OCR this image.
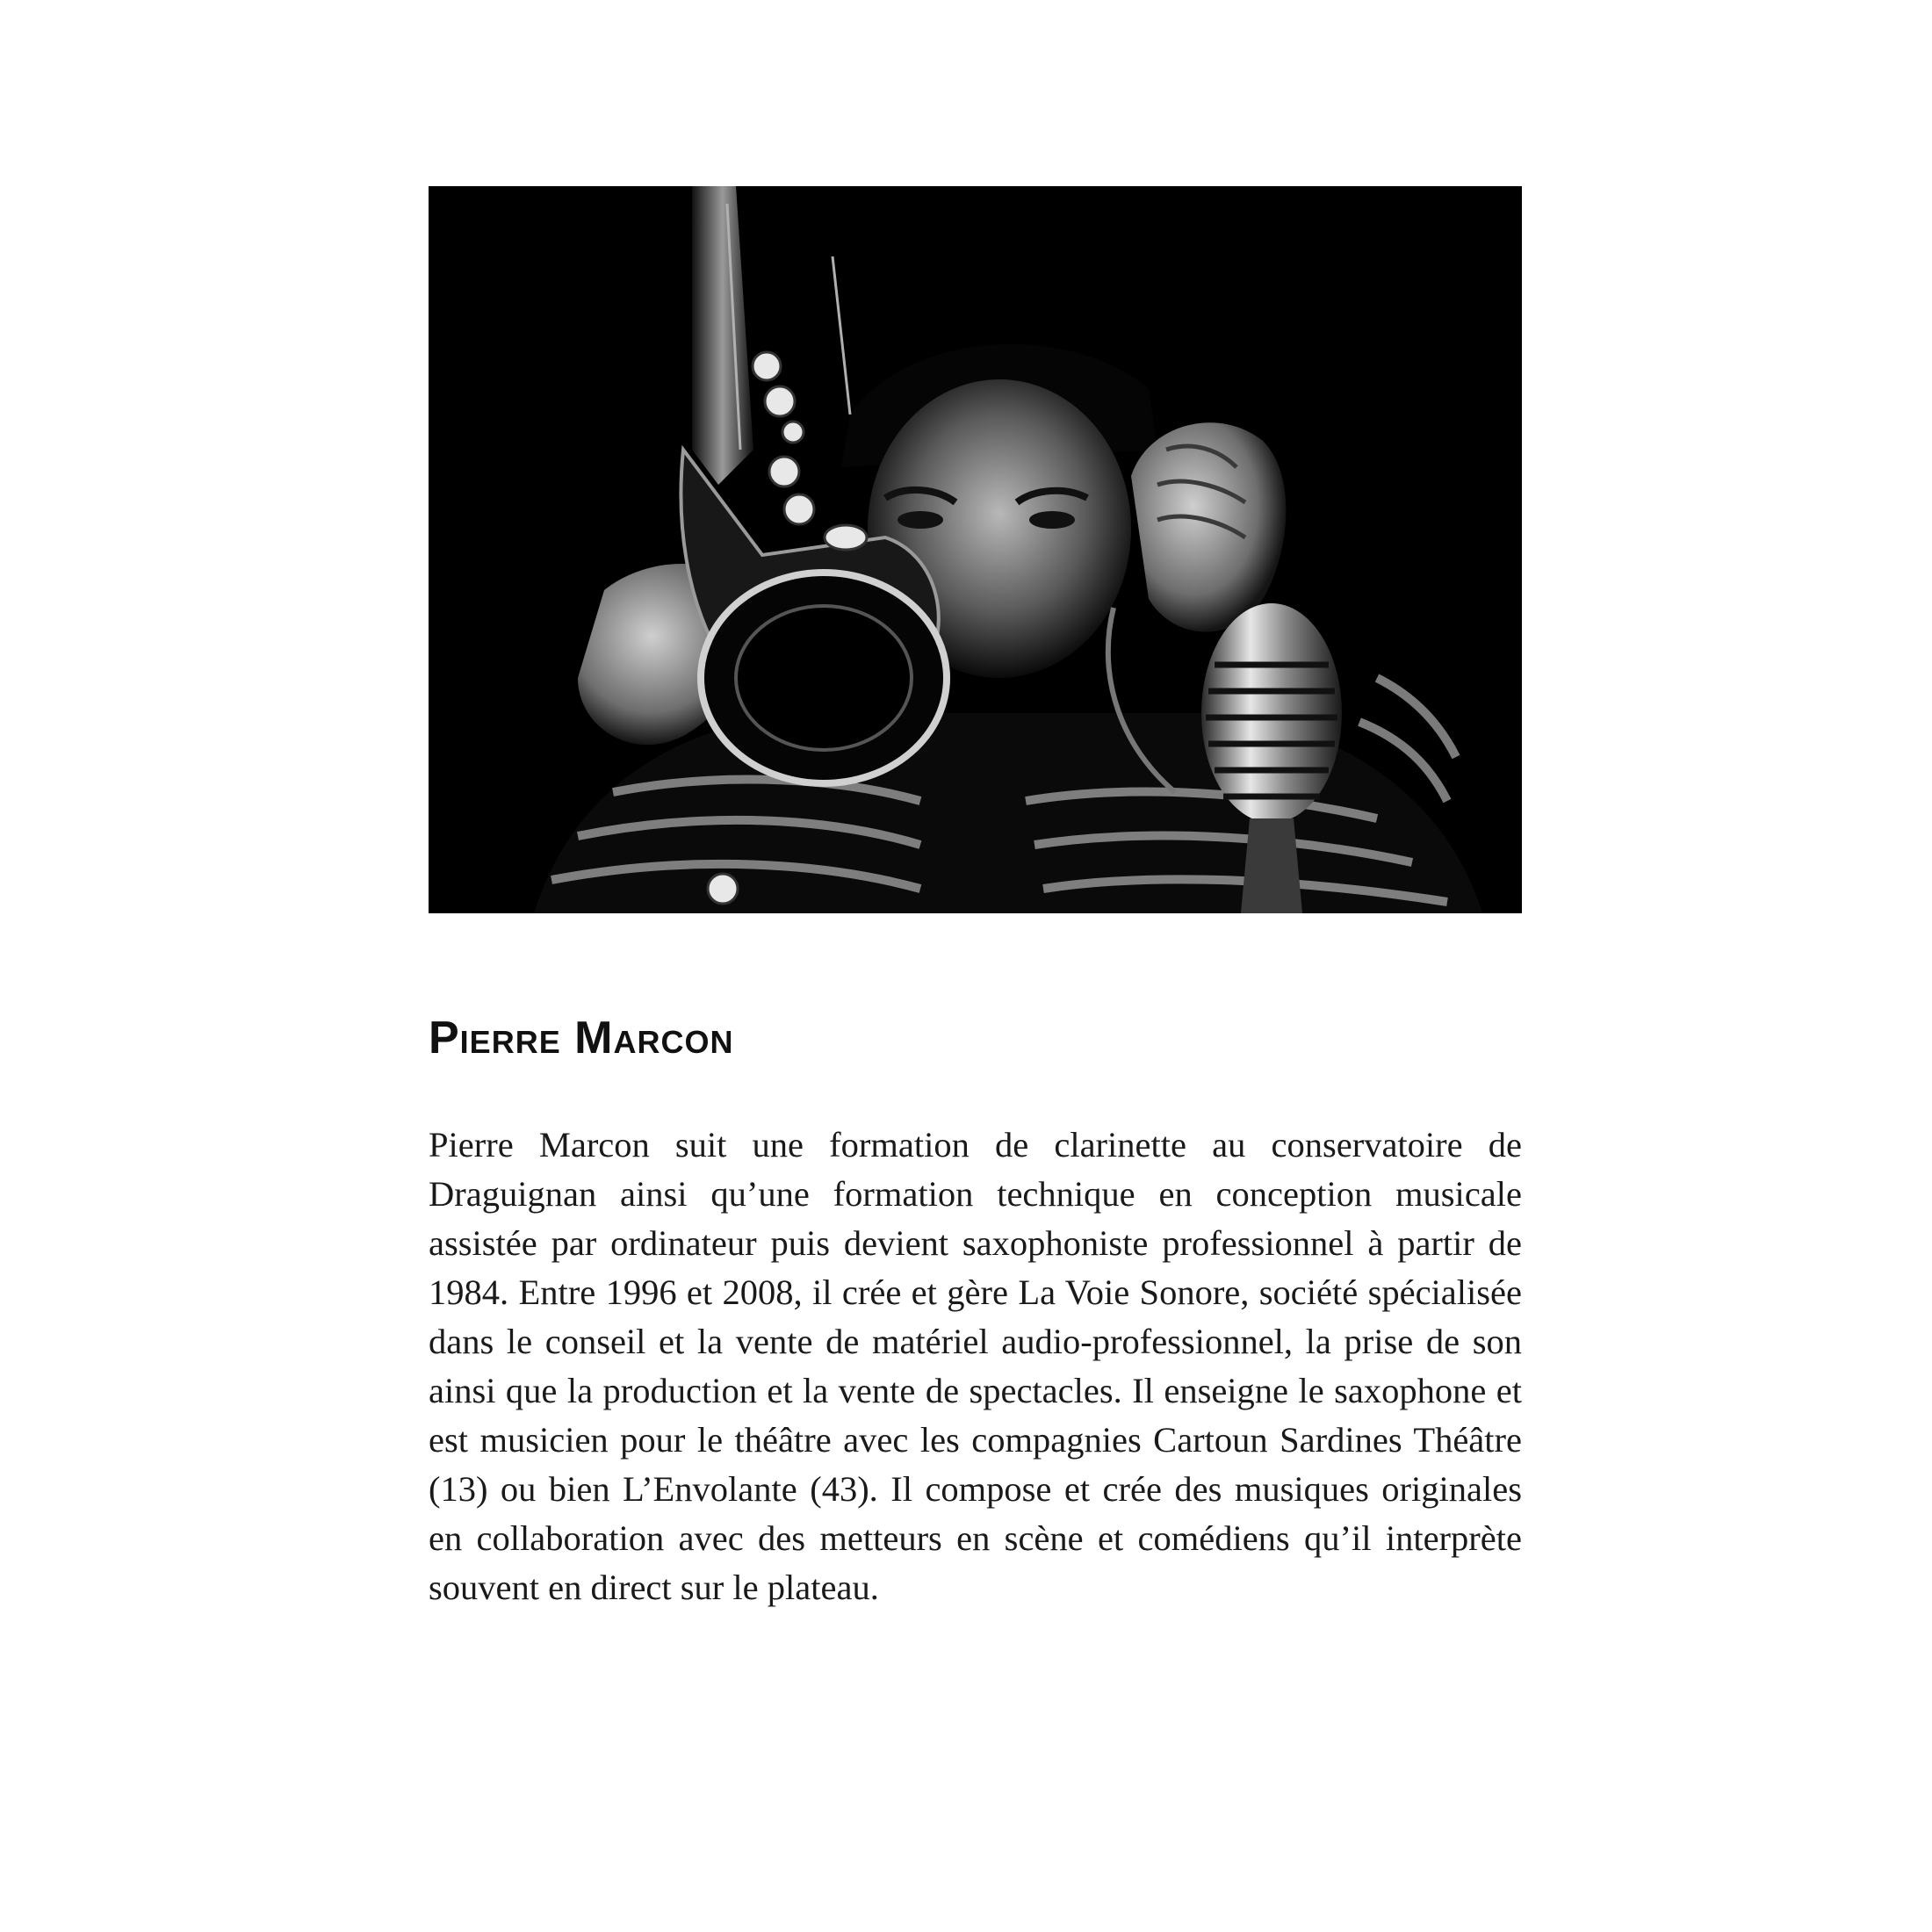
Pierre Marcon

Pierre Marcon suit une formation de clarinette au conservatoire de Draguignan ainsi qu’une formation technique en conception musicale assistée par ordinateur puis devient saxophoniste professionnel à partir de 1984. Entre 1996 et 2008, il crée et gère La Voie Sonore, société spécialisée dans le conseil et la vente de matériel audio-professionnel, la prise de son ainsi que la production et la vente de spectacles. Il enseigne le saxophone et est musicien pour le théâtre avec les compagnies Cartoun Sardines Théâtre (13) ou bien L’Envolante (43). Il compose et crée des musiques originales en collaboration avec des metteurs en scène et comédiens qu’il interprète souvent en direct sur le plateau.
